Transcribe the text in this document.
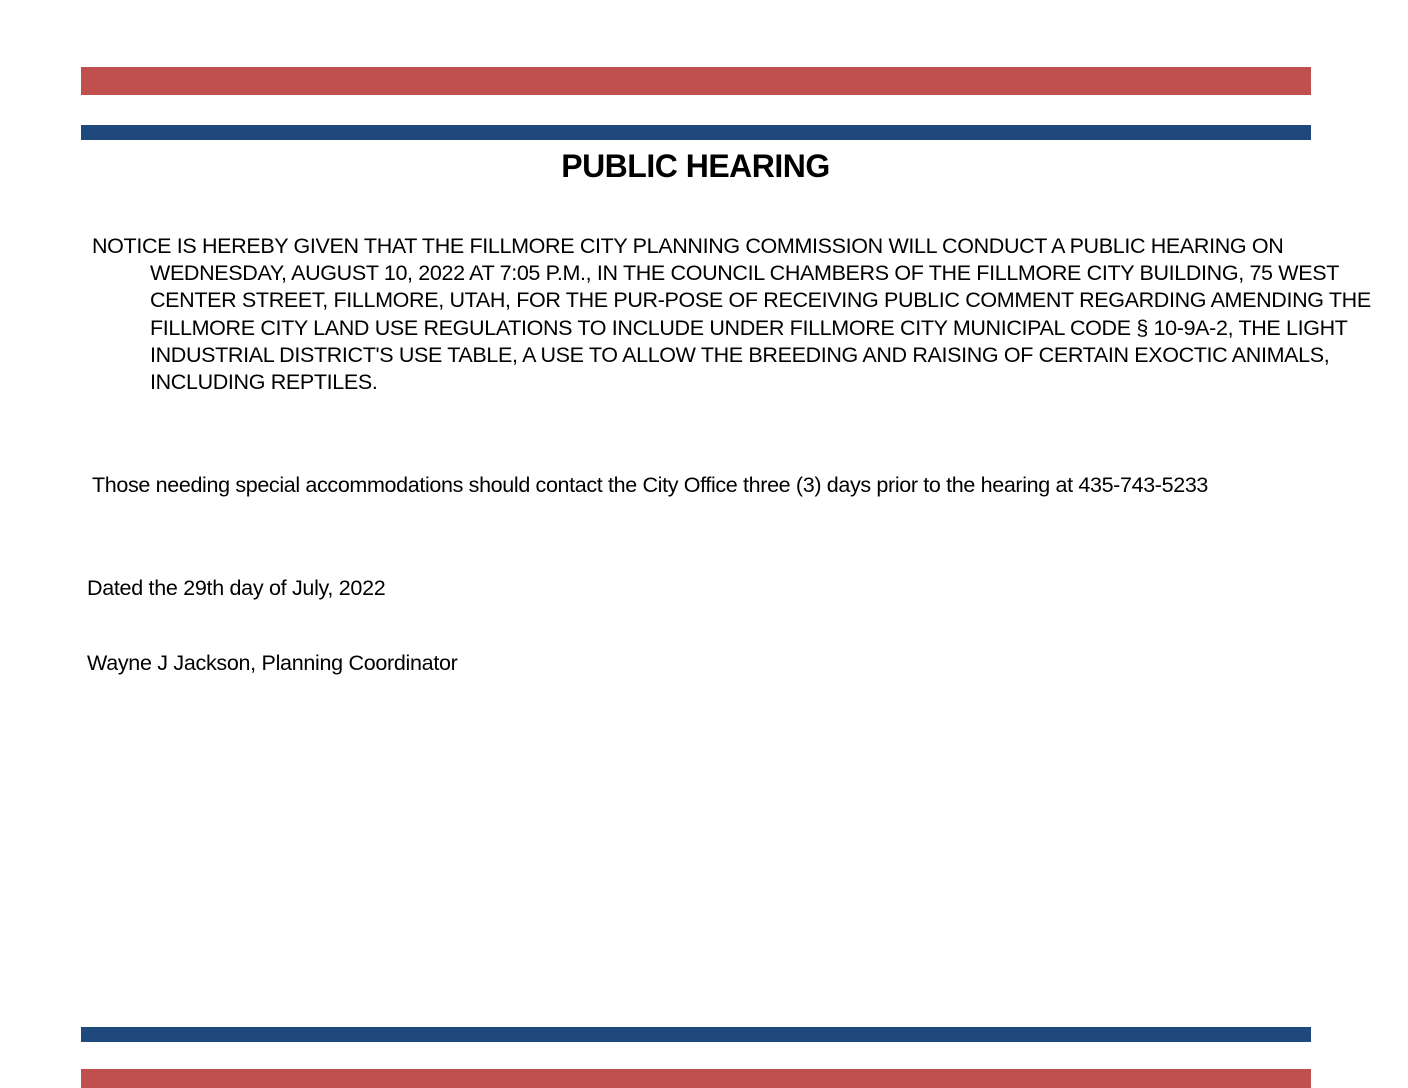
PUBLIC HEARING

NOTICE IS HEREBY GIVEN THAT THE FILLMORE CITY PLANNING COMMISSION WILL CONDUCT A PUBLIC HEARING ON WEDNESDAY, AUGUST 10, 2022 AT 7:05 P.M., IN THE COUNCIL CHAMBERS OF THE FILLMORE CITY BUILDING, 75 WEST CENTER STREET, FILLMORE, UTAH, FOR THE PUR-POSE OF RECEIVING PUBLIC COMMENT REGARDING AMENDING THE FILLMORE CITY LAND USE REGULATIONS TO INCLUDE UNDER FILLMORE CITY MUNICIPAL CODE § 10-9A-2, THE LIGHT INDUSTRIAL DISTRICT'S USE TABLE, A USE TO ALLOW THE BREEDING AND RAISING OF CERTAIN EXOCTIC ANIMALS, INCLUDING REPTILES.

Those needing special accommodations should contact the City Office three (3) days prior to the hearing at 435-743-5233

Dated the 29th day of July, 2022

Wayne J Jackson, Planning Coordinator
